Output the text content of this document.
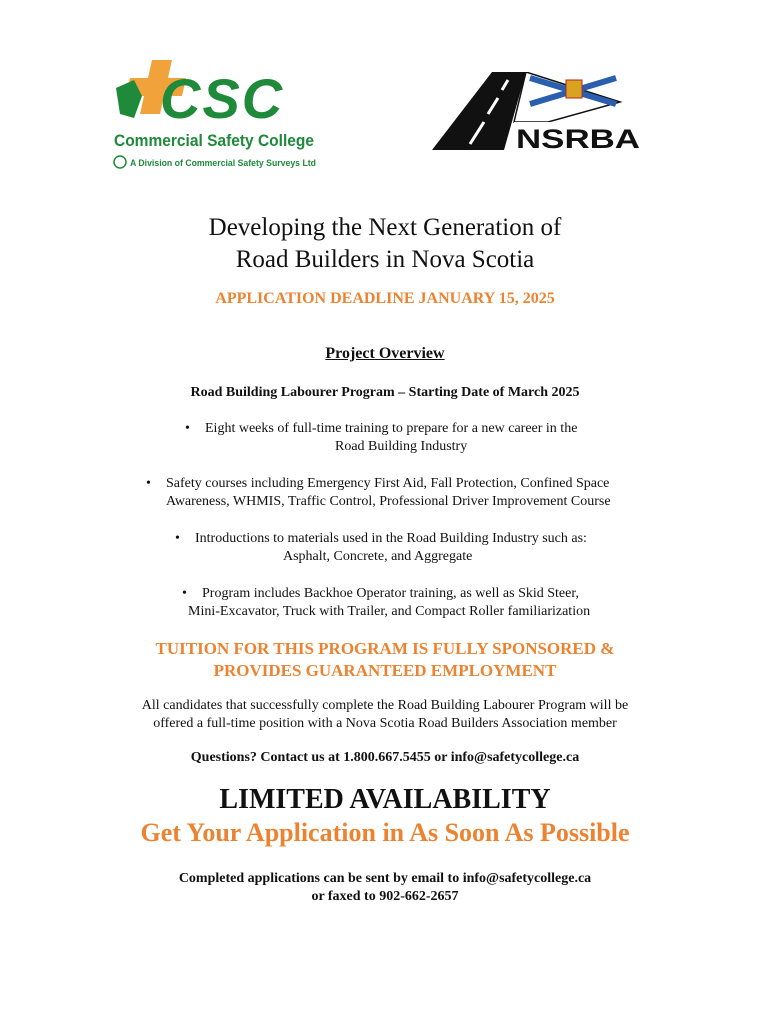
CSC
Commercial Safety College
A Division of Commercial Safety Surveys Ltd
NSRBA
Developing the Next Generation of
Road Builders in Nova Scotia
APPLICATION DEADLINE JANUARY 15, 2025
Project Overview
Road Building Labourer Program – Starting Date of March 2025
• Eight weeks of full-time training to prepare for a new career in the
Road Building Industry
• Safety courses including Emergency First Aid, Fall Protection, Confined Space
Awareness, WHMIS, Traffic Control, Professional Driver Improvement Course
• Introductions to materials used in the Road Building Industry such as:
Asphalt, Concrete, and Aggregate
• Program includes Backhoe Operator training, as well as Skid Steer,
Mini-Excavator, Truck with Trailer, and Compact Roller familiarization
TUITION FOR THIS PROGRAM IS FULLY SPONSORED &
PROVIDES GUARANTEED EMPLOYMENT
All candidates that successfully complete the Road Building Labourer Program will be
offered a full-time position with a Nova Scotia Road Builders Association member
Questions? Contact us at 1.800.667.5455 or info@safetycollege.ca
LIMITED AVAILABILITY
Get Your Application in As Soon As Possible
Completed applications can be sent by email to info@safetycollege.ca
or faxed to 902-662-2657
